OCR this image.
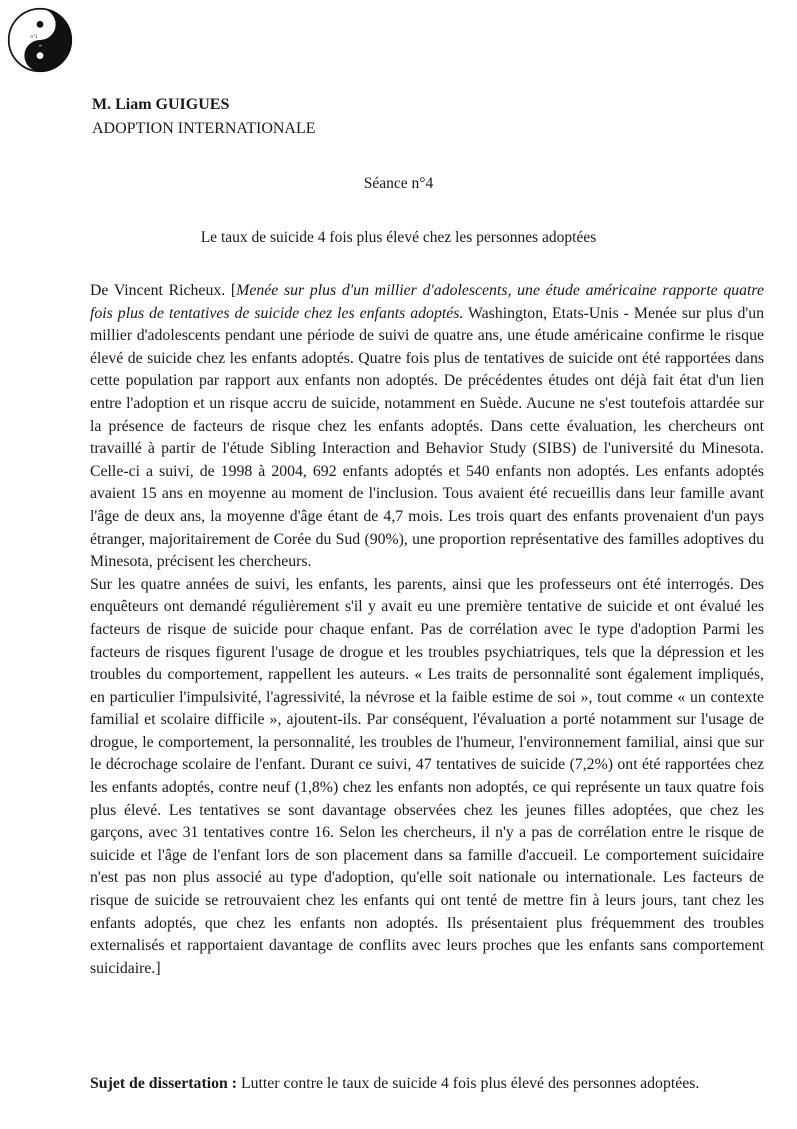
n°1
fr

M. Liam GUIGUES

ADOPTION INTERNATIONALE

Séance n°4
Le taux de suicide 4 fois plus élevé chez les personnes adoptées

De Vincent Richeux. [Menée sur plus d'un millier d'adolescents, une étude américaine rapporte quatre fois plus de tentatives de suicide chez les enfants adoptés. Washington, Etats-Unis - Menée sur plus d'un millier d'adolescents pendant une période de suivi de quatre ans, une étude américaine confirme le risque élevé de suicide chez les enfants adoptés. Quatre fois plus de tentatives de suicide ont été rapportées dans cette population par rapport aux enfants non adoptés. De précédentes études ont déjà fait état d'un lien entre l'adoption et un risque accru de suicide, notamment en Suède. Aucune ne s'est toutefois attardée sur la présence de facteurs de risque chez les enfants adoptés. Dans cette évaluation, les chercheurs ont travaillé à partir de l'étude Sibling Interaction and Behavior Study (SIBS) de l'université du Minesota. Celle-ci a suivi, de 1998 à 2004, 692 enfants adoptés et 540 enfants non adoptés. Les enfants adoptés avaient 15 ans en moyenne au moment de l'inclusion. Tous avaient été recueillis dans leur famille avant l'âge de deux ans, la moyenne d'âge étant de 4,7 mois. Les trois quart des enfants provenaient d'un pays étranger, majoritairement de Corée du Sud (90%), une proportion représentative des familles adoptives du Minesota, précisent les chercheurs.

Sur les quatre années de suivi, les enfants, les parents, ainsi que les professeurs ont été interrogés. Des enquêteurs ont demandé régulièrement s'il y avait eu une première tentative de suicide et ont évalué les facteurs de risque de suicide pour chaque enfant. Pas de corrélation avec le type d'adoption Parmi les facteurs de risques figurent l'usage de drogue et les troubles psychiatriques, tels que la dépression et les troubles du comportement, rappellent les auteurs. « Les traits de personnalité sont également impliqués, en particulier l'impulsivité, l'agressivité, la névrose et la faible estime de soi », tout comme « un contexte familial et scolaire difficile », ajoutent-ils. Par conséquent, l'évaluation a porté notamment sur l'usage de drogue, le comportement, la personnalité, les troubles de l'humeur, l'environnement familial, ainsi que sur le décrochage scolaire de l'enfant. Durant ce suivi, 47 tentatives de suicide (7,2%) ont été rapportées chez les enfants adoptés, contre neuf (1,8%) chez les enfants non adoptés, ce qui représente un taux quatre fois plus élevé. Les tentatives se sont davantage observées chez les jeunes filles adoptées, que chez les garçons, avec 31 tentatives contre 16. Selon les chercheurs, il n'y a pas de corrélation entre le risque de suicide et l'âge de l'enfant lors de son placement dans sa famille d'accueil. Le comportement suicidaire n'est pas non plus associé au type d'adoption, qu'elle soit nationale ou internationale. Les facteurs de risque de suicide se retrouvaient chez les enfants qui ont tenté de mettre fin à leurs jours, tant chez les enfants adoptés, que chez les enfants non adoptés. Ils présentaient plus fréquemment des troubles externalisés et rapportaient davantage de conflits avec leurs proches que les enfants sans comportement suicidaire.]

Sujet de dissertation : Lutter contre le taux de suicide 4 fois plus élevé des personnes adoptées.
